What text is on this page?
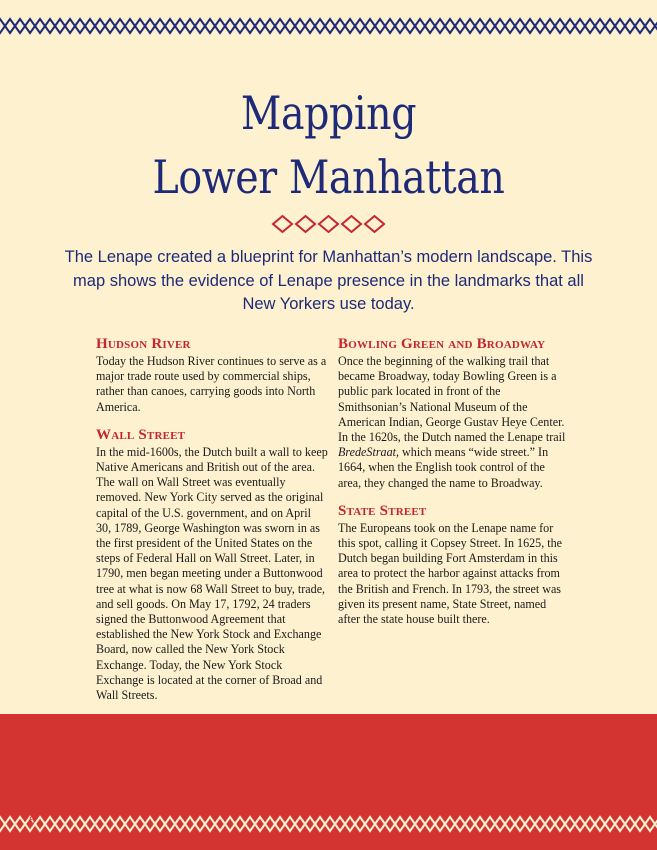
Mapping
Lower Manhattan
The Lenape created a blueprint for Manhattan’s modern landscape. This map shows the evidence of Lenape presence in the landmarks that all New Yorkers use today.
Hudson River

Today the Hudson River continues to serve as a major trade route used by commercial ships, rather than canoes, carrying goods into North America.

Wall Street

In the mid-1600s, the Dutch built a wall to keep Native Americans and British out of the area. The wall on Wall Street was eventually removed. New York City served as the original capital of the U.S. government, and on April 30, 1789, George Washington was sworn in as the first president of the United States on the steps of Federal Hall on Wall Street. Later, in 1790, men began meeting under a Buttonwood tree at what is now 68 Wall Street to buy, trade, and sell goods. On May 17, 1792, 24 traders signed the Buttonwood Agreement that established the New York Stock and Exchange Board, now called the New York Stock Exchange. Today, the New York Stock Exchange is located at the corner of Broad and Wall Streets.

Bowling Green and Broadway

Once the beginning of the walking trail that became Broadway, today Bowling Green is a public park located in front of the Smithsonian’s National Museum of the American Indian, George Gustav Heye Center. In the 1620s, the Dutch named the Lenape trail BredeStraat, which means “wide street.” In 1664, when the English took control of the area, they changed the name to Broadway.

State Street

The Europeans took on the Lenape name for this spot, calling it Copsey Street. In 1625, the Dutch began building Fort Amsterdam in this area to protect the harbor against attacks from the British and French. In 1793, the street was given its present name, State Street, named after the state house built there.

8
